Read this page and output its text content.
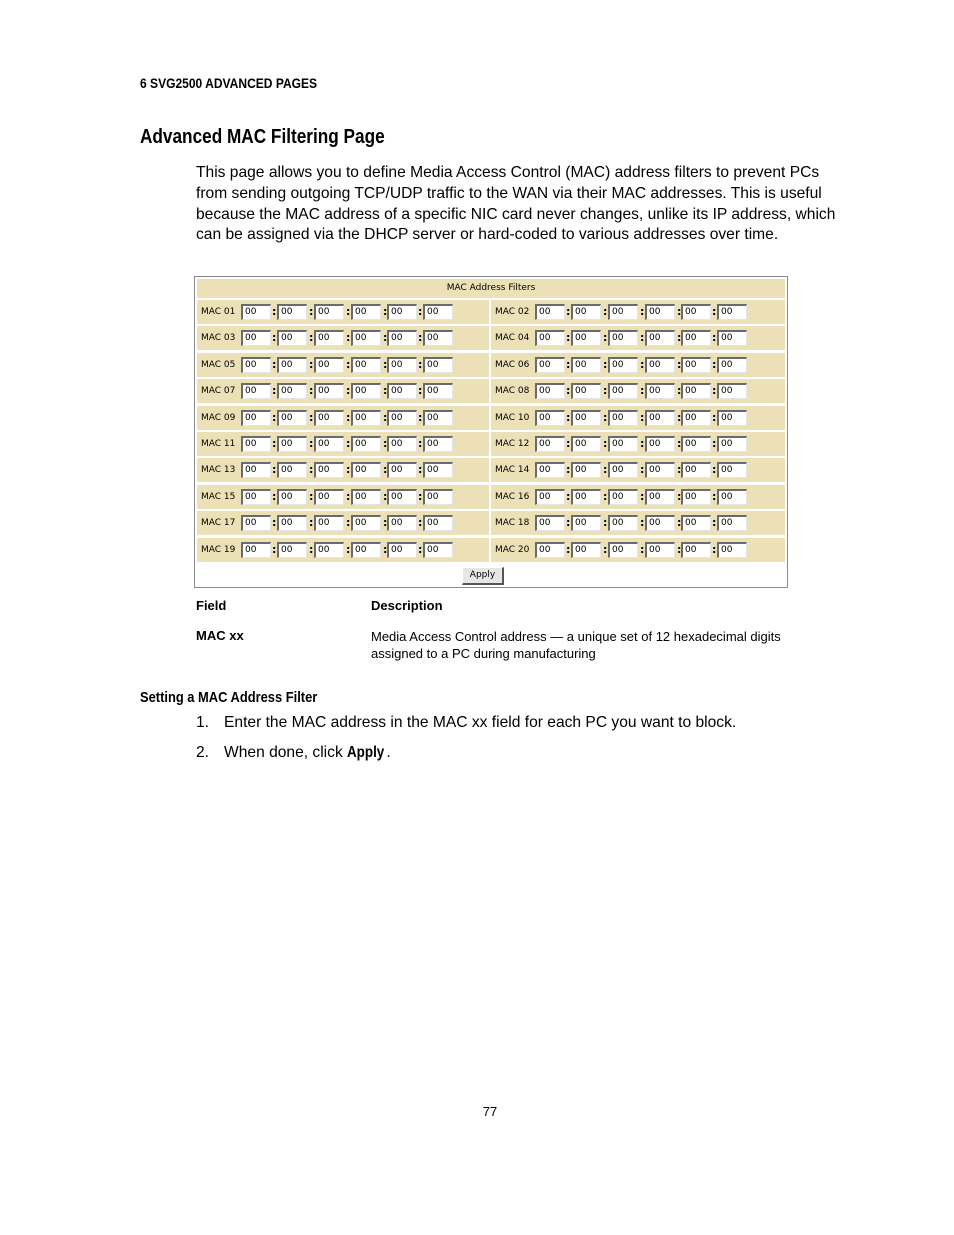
6 SVG2500 ADVANCED PAGES
Advanced MAC Filtering Page

This page allows you to define Media Access Control (MAC) address filters to prevent PCs from sending outgoing TCP/UDP traffic to the WAN via their MAC addresses. This is useful because the MAC address of a specific NIC card never changes, unlike its IP address, which can be assigned via the DHCP server or hard-coded to various addresses over time.

MAC Address Filters
MAC 01	00	: 00	: 00	: 00	: 00	: 00	MAC 02	00	: 00	: 00	: 00	: 00	: 00
MAC 03	00	: 00	: 00	: 00	: 00	: 00	MAC 04	00	: 00	: 00	: 00	: 00	: 00
MAC 05	00	: 00	: 00	: 00	: 00	: 00	MAC 06	00	: 00	: 00	: 00	: 00	: 00
MAC 07	00	: 00	: 00	: 00	: 00	: 00	MAC 08	00	: 00	: 00	: 00	: 00	: 00
MAC 09	00	: 00	: 00	: 00	: 00	: 00	MAC 10	00	: 00	: 00	: 00	: 00	: 00
MAC 11	00	: 00	: 00	: 00	: 00	: 00	MAC 12	00	: 00	: 00	: 00	: 00	: 00
MAC 13	00	: 00	: 00	: 00	: 00	: 00	MAC 14	00	: 00	: 00	: 00	: 00	: 00
MAC 15	00	: 00	: 00	: 00	: 00	: 00	MAC 16	00	: 00	: 00	: 00	: 00	: 00
MAC 17	00	: 00	: 00	: 00	: 00	: 00	MAC 18	00	: 00	: 00	: 00	: 00	: 00
MAC 19	00	: 00	: 00	: 00	: 00	: 00	MAC 20	00	: 00	: 00	: 00	: 00	: 00
Apply
Field	Description
MAC xx	Media Access Control address — a unique set of 12 hexadecimal digits assigned to a PC during manufacturing
Setting a MAC Address Filter
1. Enter the MAC address in the MAC xx field for each PC you want to block.
2. When done, click Apply .
77
